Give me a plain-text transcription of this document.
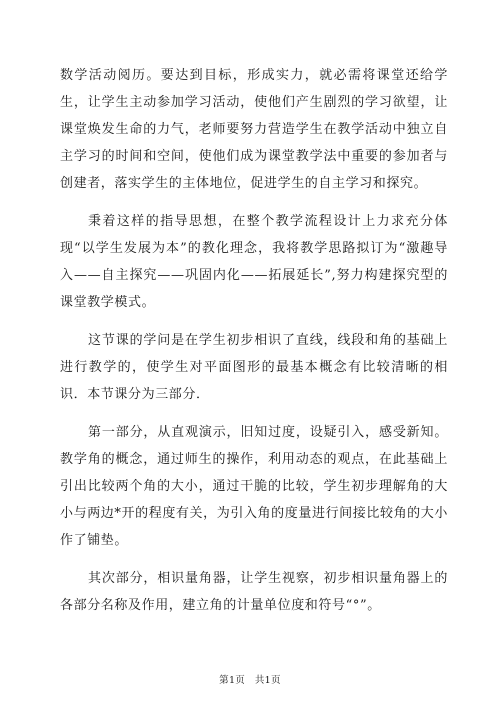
数学活动阅历。要达到目标，形成实力，就必需将课堂还给学生，让学生主动参加学习活动，使他们产生剧烈的学习欲望，让课堂焕发生命的力气，老师要努力营造学生在教学活动中独立自主学习的时间和空间，使他们成为课堂教学法中重要的参加者与创建者，落实学生的主体地位，促进学生的自主学习和探究。

秉着这样的指导思想，在整个教学流程设计上力求充分体现“以学生发展为本”的教化理念，我将教学思路拟订为“激趣导入——自主探究——巩固内化——拓展延长”,努力构建探究型的课堂教学模式。

这节课的学问是在学生初步相识了直线，线段和角的基础上进行教学的，使学生对平面图形的最基本概念有比较清晰的相识．本节课分为三部分．

第一部分，从直观演示，旧知过度，设疑引入，感受新知。教学角的概念，通过师生的操作，利用动态的观点，在此基础上引出比较两个角的大小，通过干脆的比较，学生初步理解角的大小与两边*开的程度有关，为引入角的度量进行间接比较角的大小作了铺垫。

其次部分，相识量角器，让学生视察，初步相识量角器上的各部分名称及作用，建立角的计量单位度和符号“°”。

第1页　共1页
